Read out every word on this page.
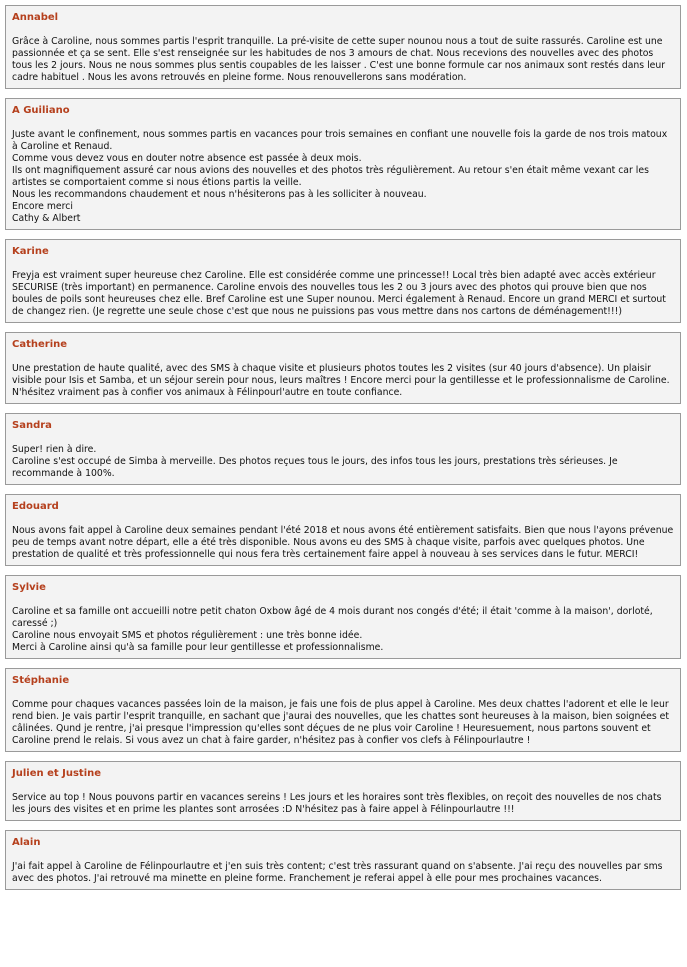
Annabel
Grâce à Caroline, nous sommes partis l'esprit tranquille. La pré-visite de cette super nounou nous a tout de suite rassurés. Caroline est une passionnée et ça se sent. Elle s'est renseignée sur les habitudes de nos 3 amours de chat. Nous recevions des nouvelles avec des photos tous les 2 jours. Nous ne nous sommes plus sentis coupables de les laisser . C'est une bonne formule car nos animaux sont restés dans leur cadre habituel . Nous les avons retrouvés en pleine forme. Nous renouvellerons sans modération.
A Guiliano
Juste avant le confinement, nous sommes partis en vacances pour trois semaines en confiant une nouvelle fois la garde de nos trois matoux à Caroline et Renaud.
Comme vous devez vous en douter notre absence est passée à deux mois.
Ils ont magnifiquement assuré car nous avions des nouvelles et des photos très régulièrement. Au retour s'en était même vexant car les artistes se comportaient comme si nous étions partis la veille.
Nous les recommandons chaudement et nous n'hésiterons pas à les solliciter à nouveau.
Encore merci
Cathy & Albert
Karine
Freyja est vraiment super heureuse chez Caroline. Elle est considérée comme une princesse!! Local très bien adapté avec accès extérieur SECURISE (très important) en permanence. Caroline envois des nouvelles tous les 2 ou 3 jours avec des photos qui prouve bien que nos boules de poils sont heureuses chez elle. Bref Caroline est une Super nounou. Merci également à Renaud. Encore un grand MERCI et surtout de changez rien. (Je regrette une seule chose c'est que nous ne puissions pas vous mettre dans nos cartons de déménagement!!!)
Catherine
Une prestation de haute qualité, avec des SMS à chaque visite et plusieurs photos toutes les 2 visites (sur 40 jours d'absence). Un plaisir visible pour Isis et Samba, et un séjour serein pour nous, leurs maîtres ! Encore merci pour la gentillesse et le professionnalisme de Caroline.
N'hésitez vraiment pas à confier vos animaux à Félinpourl'autre en toute confiance.
Sandra
Super! rien à dire.
Caroline s'est occupé de Simba à merveille. Des photos reçues tous le jours, des infos tous les jours, prestations très sérieuses. Je recommande à 100%.
Edouard
Nous avons fait appel à Caroline deux semaines pendant l'été 2018 et nous avons été entièrement satisfaits. Bien que nous l'ayons prévenue peu de temps avant notre départ, elle a été très disponible. Nous avons eu des SMS à chaque visite, parfois avec quelques photos. Une prestation de qualité et très professionnelle qui nous fera très certainement faire appel à nouveau à ses services dans le futur. MERCI!
Sylvie
Caroline et sa famille ont accueilli notre petit chaton Oxbow âgé de 4 mois durant nos congés d'été; il était 'comme à la maison', dorloté, caressé ;)
Caroline nous envoyait SMS et photos régulièrement : une très bonne idée.
Merci à Caroline ainsi qu'à sa famille pour leur gentillesse et professionnalisme.
Stéphanie
Comme pour chaques vacances passées loin de la maison, je fais une fois de plus appel à Caroline. Mes deux chattes l'adorent et elle le leur rend bien. Je vais partir l'esprit tranquille, en sachant que j'aurai des nouvelles, que les chattes sont heureuses à la maison, bien soignées et câlinées. Qund je rentre, j'ai presque l'impression qu'elles sont déçues de ne plus voir Caroline ! Heuresuement, nous partons souvent et Caroline prend le relais. Si vous avez un chat à faire garder, n'hésitez pas à confier vos clefs à Félinpourlautre !
Julien et Justine
Service au top ! Nous pouvons partir en vacances sereins ! Les jours et les horaires sont très flexibles, on reçoit des nouvelles de nos chats les jours des visites et en prime les plantes sont arrosées :D N'hésitez pas à faire appel à Félinpourlautre !!!
Alain
J'ai fait appel à Caroline de Félinpourlautre et j'en suis très content; c'est très rassurant quand on s'absente. J'ai reçu des nouvelles par sms avec des photos. J'ai retrouvé ma minette en pleine forme. Franchement je referai appel à elle pour mes prochaines vacances.
